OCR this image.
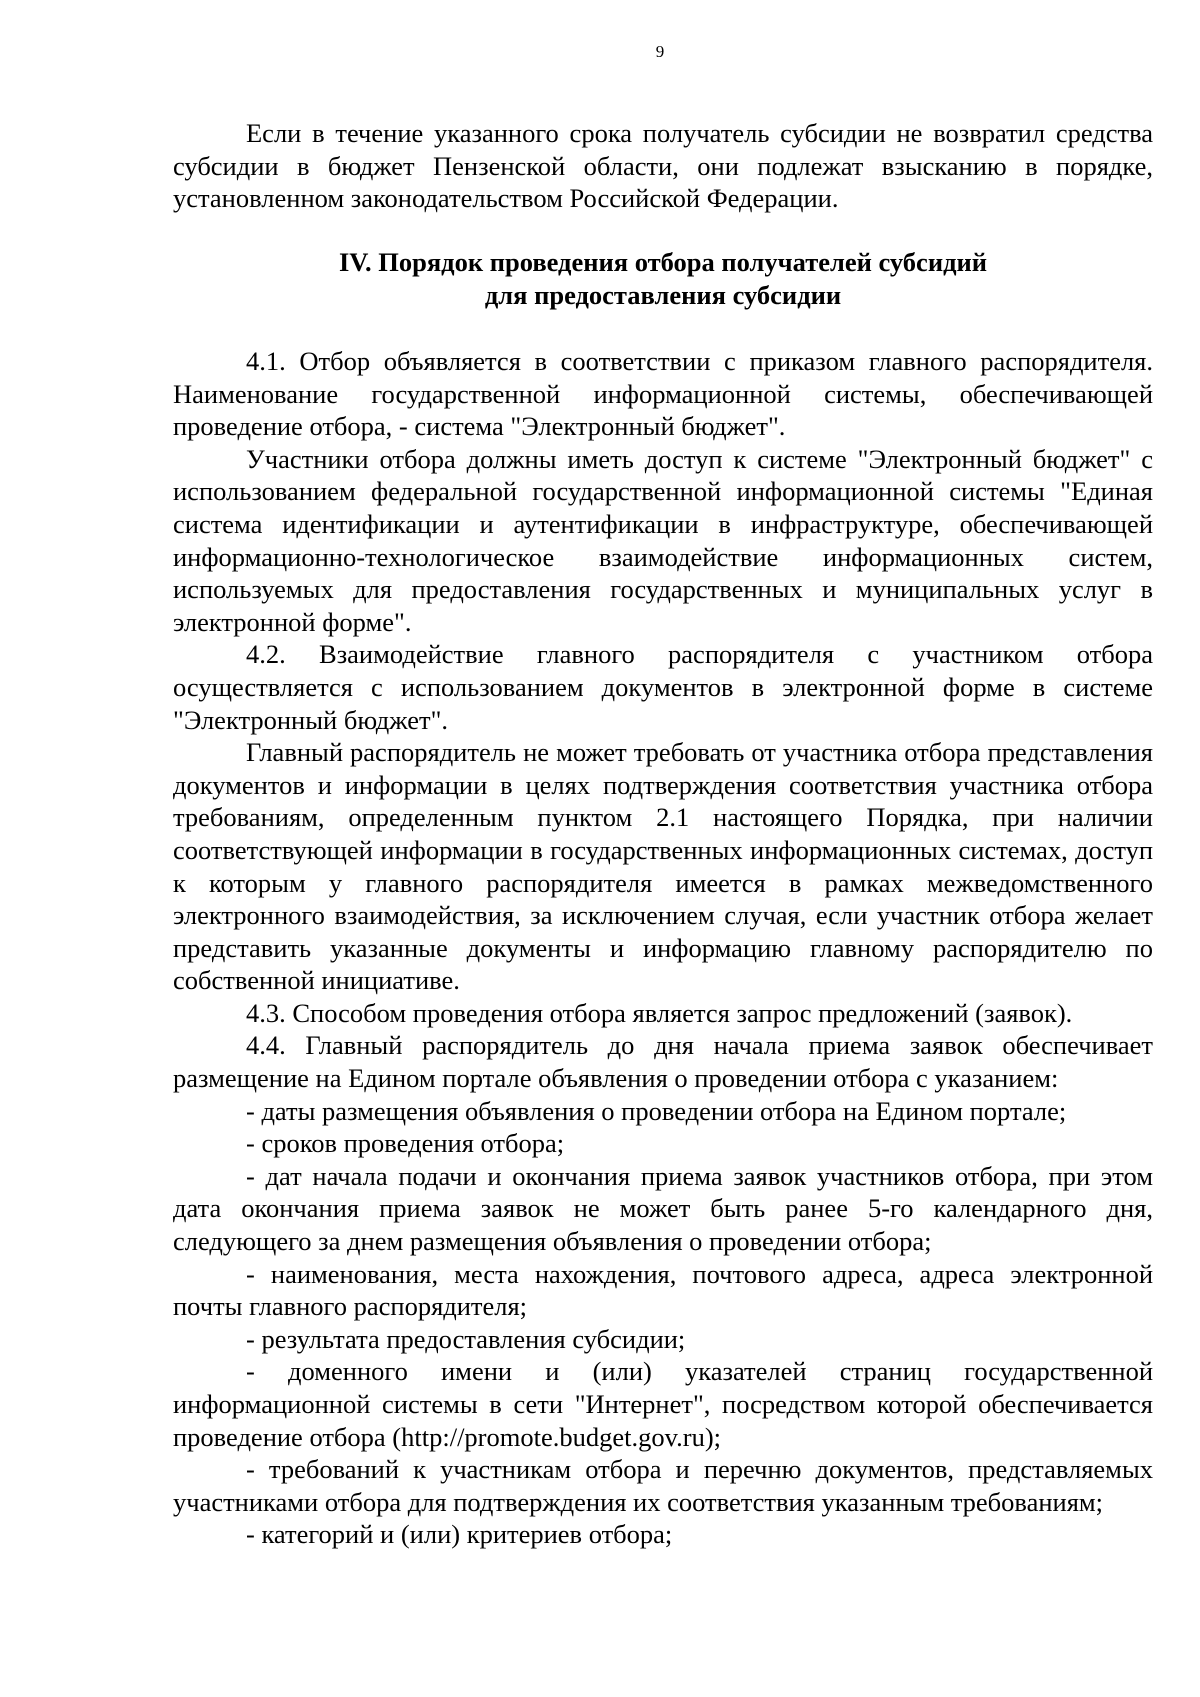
9

Если в течение указанного срока получатель субсидии не возвратил средства субсидии в бюджет Пензенской области, они подлежат взысканию в порядке, установленном законодательством Российской Федерации.

IV. Порядок проведения отбора получателей субсидий
для предоставления субсидии

4.1. Отбор объявляется в соответствии с приказом главного распорядителя. Наименование государственной информационной системы, обеспечивающей проведение отбора, - система "Электронный бюджет".

Участники отбора должны иметь доступ к системе "Электронный бюджет" с использованием федеральной государственной информационной системы "Единая система идентификации и аутентификации в инфраструктуре, обеспечивающей информационно-технологическое взаимодействие информационных систем, используемых для предоставления государственных и муниципальных услуг в электронной форме".

4.2. Взаимодействие главного распорядителя с участником отбора осуществляется с использованием документов в электронной форме в системе "Электронный бюджет".

Главный распорядитель не может требовать от участника отбора представления документов и информации в целях подтверждения соответствия участника отбора требованиям, определенным пунктом 2.1 настоящего Порядка, при наличии соответствующей информации в государственных информационных системах, доступ к которым у главного распорядителя имеется в рамках межведомственного электронного взаимодействия, за исключением случая, если участник отбора желает представить указанные документы и информацию главному распорядителю по собственной инициативе.

4.3. Способом проведения отбора является запрос предложений (заявок).

4.4. Главный распорядитель до дня начала приема заявок обеспечивает размещение на Едином портале объявления о проведении отбора с указанием:

- даты размещения объявления о проведении отбора на Едином портале;

- сроков проведения отбора;

- дат начала подачи и окончания приема заявок участников отбора, при этом дата окончания приема заявок не может быть ранее 5-го календарного дня, следующего за днем размещения объявления о проведении отбора;

- наименования, места нахождения, почтового адреса, адреса электронной почты главного распорядителя;

- результата предоставления субсидии;

- доменного имени и (или) указателей страниц государственной информационной системы в сети "Интернет", посредством которой обеспечивается проведение отбора (http://promote.budget.gov.ru);

- требований к участникам отбора и перечню документов, представляемых участниками отбора для подтверждения их соответствия указанным требованиям;

- категорий и (или) критериев отбора;
